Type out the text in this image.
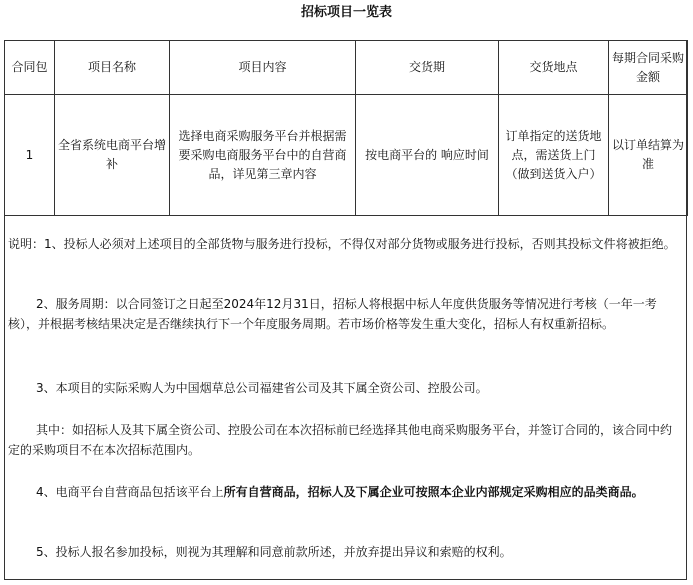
招标项目一览表
合同包	项目名称	项目内容	交货期	交货地点	每期合同采购金额
1	全省系统电商平台增补	选择电商采购服务平台并根据需要采购电商服务平台中的自营商品，详见第三章内容	按电商平台的 响应时间	订单指定的送货地点，需送货上门（做到送货入户）	以订单结算为准

说明：1、投标人必须对上述项目的全部货物与服务进行投标，不得仅对部分货物或服务进行投标，否则其投标文件将被拒绝。

2、服务周期：以合同签订之日起至2024年12月31日，招标人将根据中标人年度供货服务等情况进行考核（一年一考核），并根据考核结果决定是否继续执行下一个年度服务周期。若市场价格等发生重大变化，招标人有权重新招标。

3、本项目的实际采购人为中国烟草总公司福建省公司及其下属全资公司、控股公司。

其中：如招标人及其下属全资公司、控股公司在本次招标前已经选择其他电商采购服务平台，并签订合同的，该合同中约定的采购项目不在本次招标范围内。

4、电商平台自营商品包括该平台上所有自营商品，招标人及下属企业可按照本企业内部规定采购相应的品类商品。

5、投标人报名参加投标，则视为其理解和同意前款所述，并放弃提出异议和索赔的权利。
